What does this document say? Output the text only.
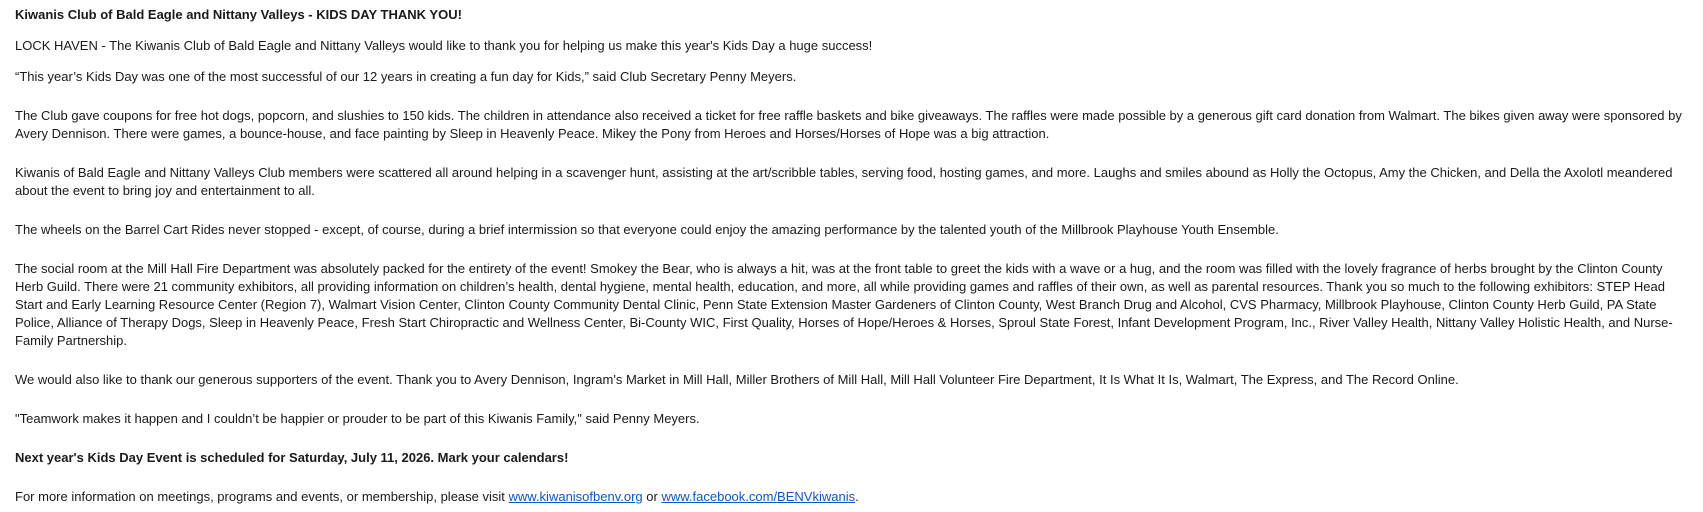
Kiwanis Club of Bald Eagle and Nittany Valleys - KIDS DAY THANK YOU!

LOCK HAVEN - The Kiwanis Club of Bald Eagle and Nittany Valleys would like to thank you for helping us make this year's Kids Day a huge success!

“This year’s Kids Day was one of the most successful of our 12 years in creating a fun day for Kids,” said Club Secretary Penny Meyers.

The Club gave coupons for free hot dogs, popcorn, and slushies to 150 kids. The children in attendance also received a ticket for free raffle baskets and bike giveaways. The raffles were made possible by a generous gift card donation from Walmart. The bikes given away were sponsored by Avery Dennison. There were games, a bounce-house, and face painting by Sleep in Heavenly Peace. Mikey the Pony from Heroes and Horses/Horses of Hope was a big attraction.

Kiwanis of Bald Eagle and Nittany Valleys Club members were scattered all around helping in a scavenger hunt, assisting at the art/scribble tables, serving food, hosting games, and more. Laughs and smiles abound as Holly the Octopus, Amy the Chicken, and Della the Axolotl meandered about the event to bring joy and entertainment to all.

The wheels on the Barrel Cart Rides never stopped - except, of course, during a brief intermission so that everyone could enjoy the amazing performance by the talented youth of the Millbrook Playhouse Youth Ensemble.

The social room at the Mill Hall Fire Department was absolutely packed for the entirety of the event! Smokey the Bear, who is always a hit, was at the front table to greet the kids with a wave or a hug, and the room was filled with the lovely fragrance of herbs brought by the Clinton County Herb Guild. There were 21 community exhibitors, all providing information on children’s health, dental hygiene, mental health, education, and more, all while providing games and raffles of their own, as well as parental resources. Thank you so much to the following exhibitors: STEP Head Start and Early Learning Resource Center (Region 7), Walmart Vision Center, Clinton County Community Dental Clinic, Penn State Extension Master Gardeners of Clinton County, West Branch Drug and Alcohol, CVS Pharmacy, Millbrook Playhouse, Clinton County Herb Guild, PA State Police, Alliance of Therapy Dogs, Sleep in Heavenly Peace, Fresh Start Chiropractic and Wellness Center, Bi-County WIC, First Quality, Horses of Hope/Heroes & Horses, Sproul State Forest, Infant Development Program, Inc., River Valley Health, Nittany Valley Holistic Health, and Nurse-Family Partnership.

We would also like to thank our generous supporters of the event. Thank you to Avery Dennison, Ingram's Market in Mill Hall, Miller Brothers of Mill Hall, Mill Hall Volunteer Fire Department, It Is What It Is, Walmart, The Express, and The Record Online.

"Teamwork makes it happen and I couldn’t be happier or prouder to be part of this Kiwanis Family," said Penny Meyers.

Next year's Kids Day Event is scheduled for Saturday, July 11, 2026. Mark your calendars!

For more information on meetings, programs and events, or membership, please visit www.kiwanisofbenv.org or www.facebook.com/BENVkiwanis.
